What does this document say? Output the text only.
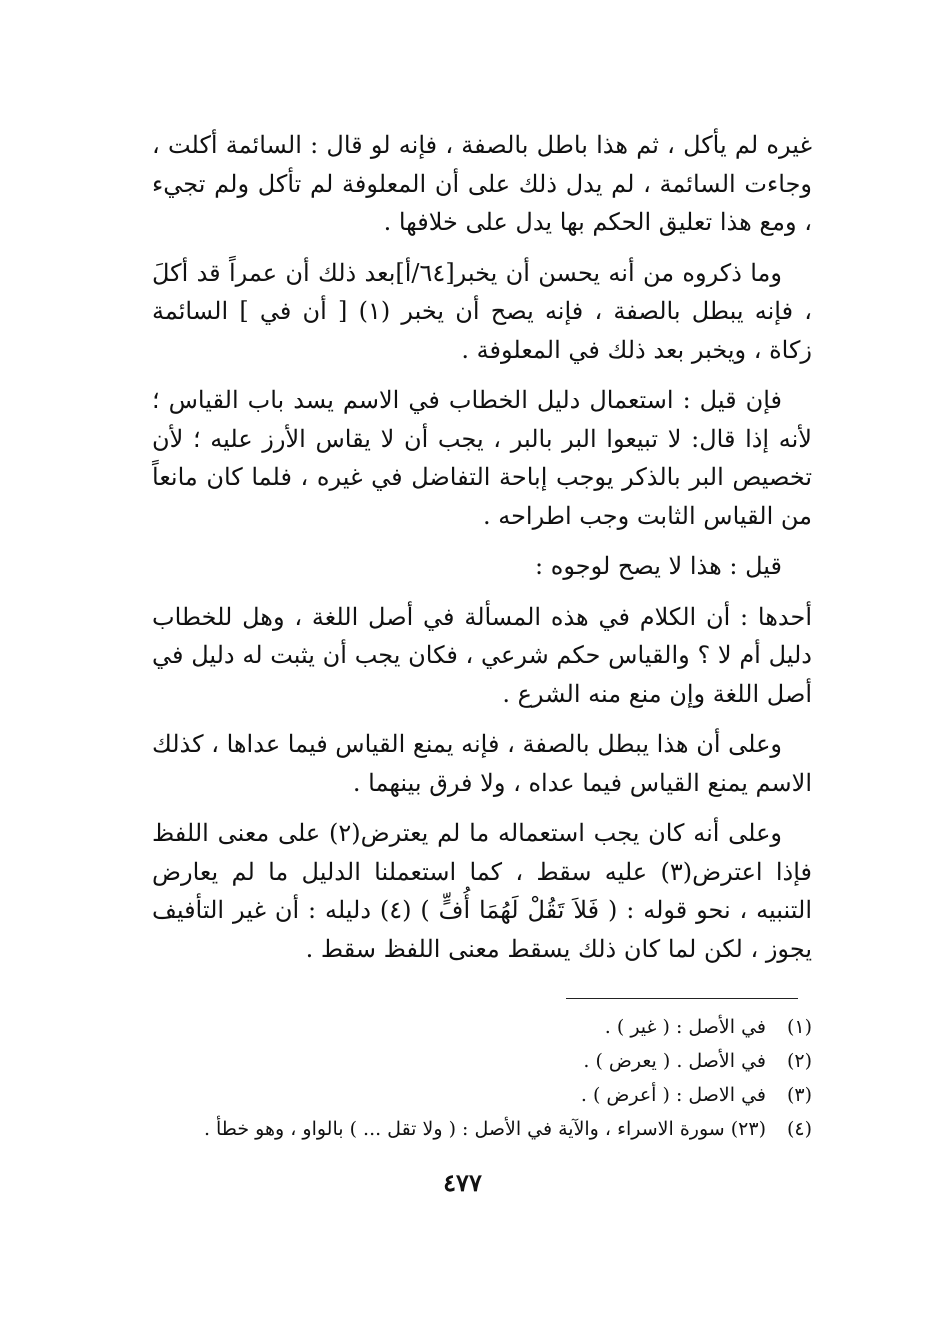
غيره لم يأكل ، ثم هذا باطل بالصفة ، فإنه لو قال : السائمة أكلت ، وجاءت السائمة ، لم يدل ذلك على أن المعلوفة لم تأكل ولم تجيء ، ومع هذا تعليق الحكم بها يدل على خلافها .

وما ذكروه من أنه يحسن أن يخبر[٦٤/أ]بعد ذلك أن عمراً قد أكلَ ، فإنه يبطل بالصفة ، فإنه يصح أن يخبر (١) [ أن في ] السائمة زكاة ، ويخبر بعد ذلك في المعلوفة .

فإن قيل : استعمال دليل الخطاب في الاسم يسد باب القياس ؛ لأنه إذا قال: لا تبيعوا البر بالبر ، يجب أن لا يقاس الأرز عليه ؛ لأن تخصيص البر بالذكر يوجب إباحة التفاضل في غيره ، فلما كان مانعاً من القياس الثابت وجب اطراحه .

قيل : هذا لا يصح لوجوه :

أحدها : أن الكلام في هذه المسألة في أصل اللغة ، وهل للخطاب دليل أم لا ؟ والقياس حكم شرعي ، فكان يجب أن يثبت له دليل في أصل اللغة وإن منع منه الشرع .

وعلى أن هذا يبطل بالصفة ، فإنه يمنع القياس فيما عداها ، كذلك الاسم يمنع القياس فيما عداه ، ولا فرق بينهما .

وعلى أنه كان يجب استعماله ما لم يعترض(٢) على معنى اللفظ فإذا اعترض(٣) عليه سقط ، كما استعملنا الدليل ما لم يعارض التنبيه ، نحو قوله : ( فَلاَ تَقُلْ لَهُمَا أُفٍّ ) (٤) دليله : أن غير التأفيف يجوز ، لكن لما كان ذلك يسقط معنى اللفظ سقط .

(١)
في الأصل : ( غير ) .
(٢)
في الأصل . ( يعرض ) .
(٣)
في الاصل : ( أعرض ) .
(٤)
(٢٣) سورة الاسراء ، والآية في الأصل : ( ولا تقل ... ) بالواو ، وهو خطأ .
٤٧٧
